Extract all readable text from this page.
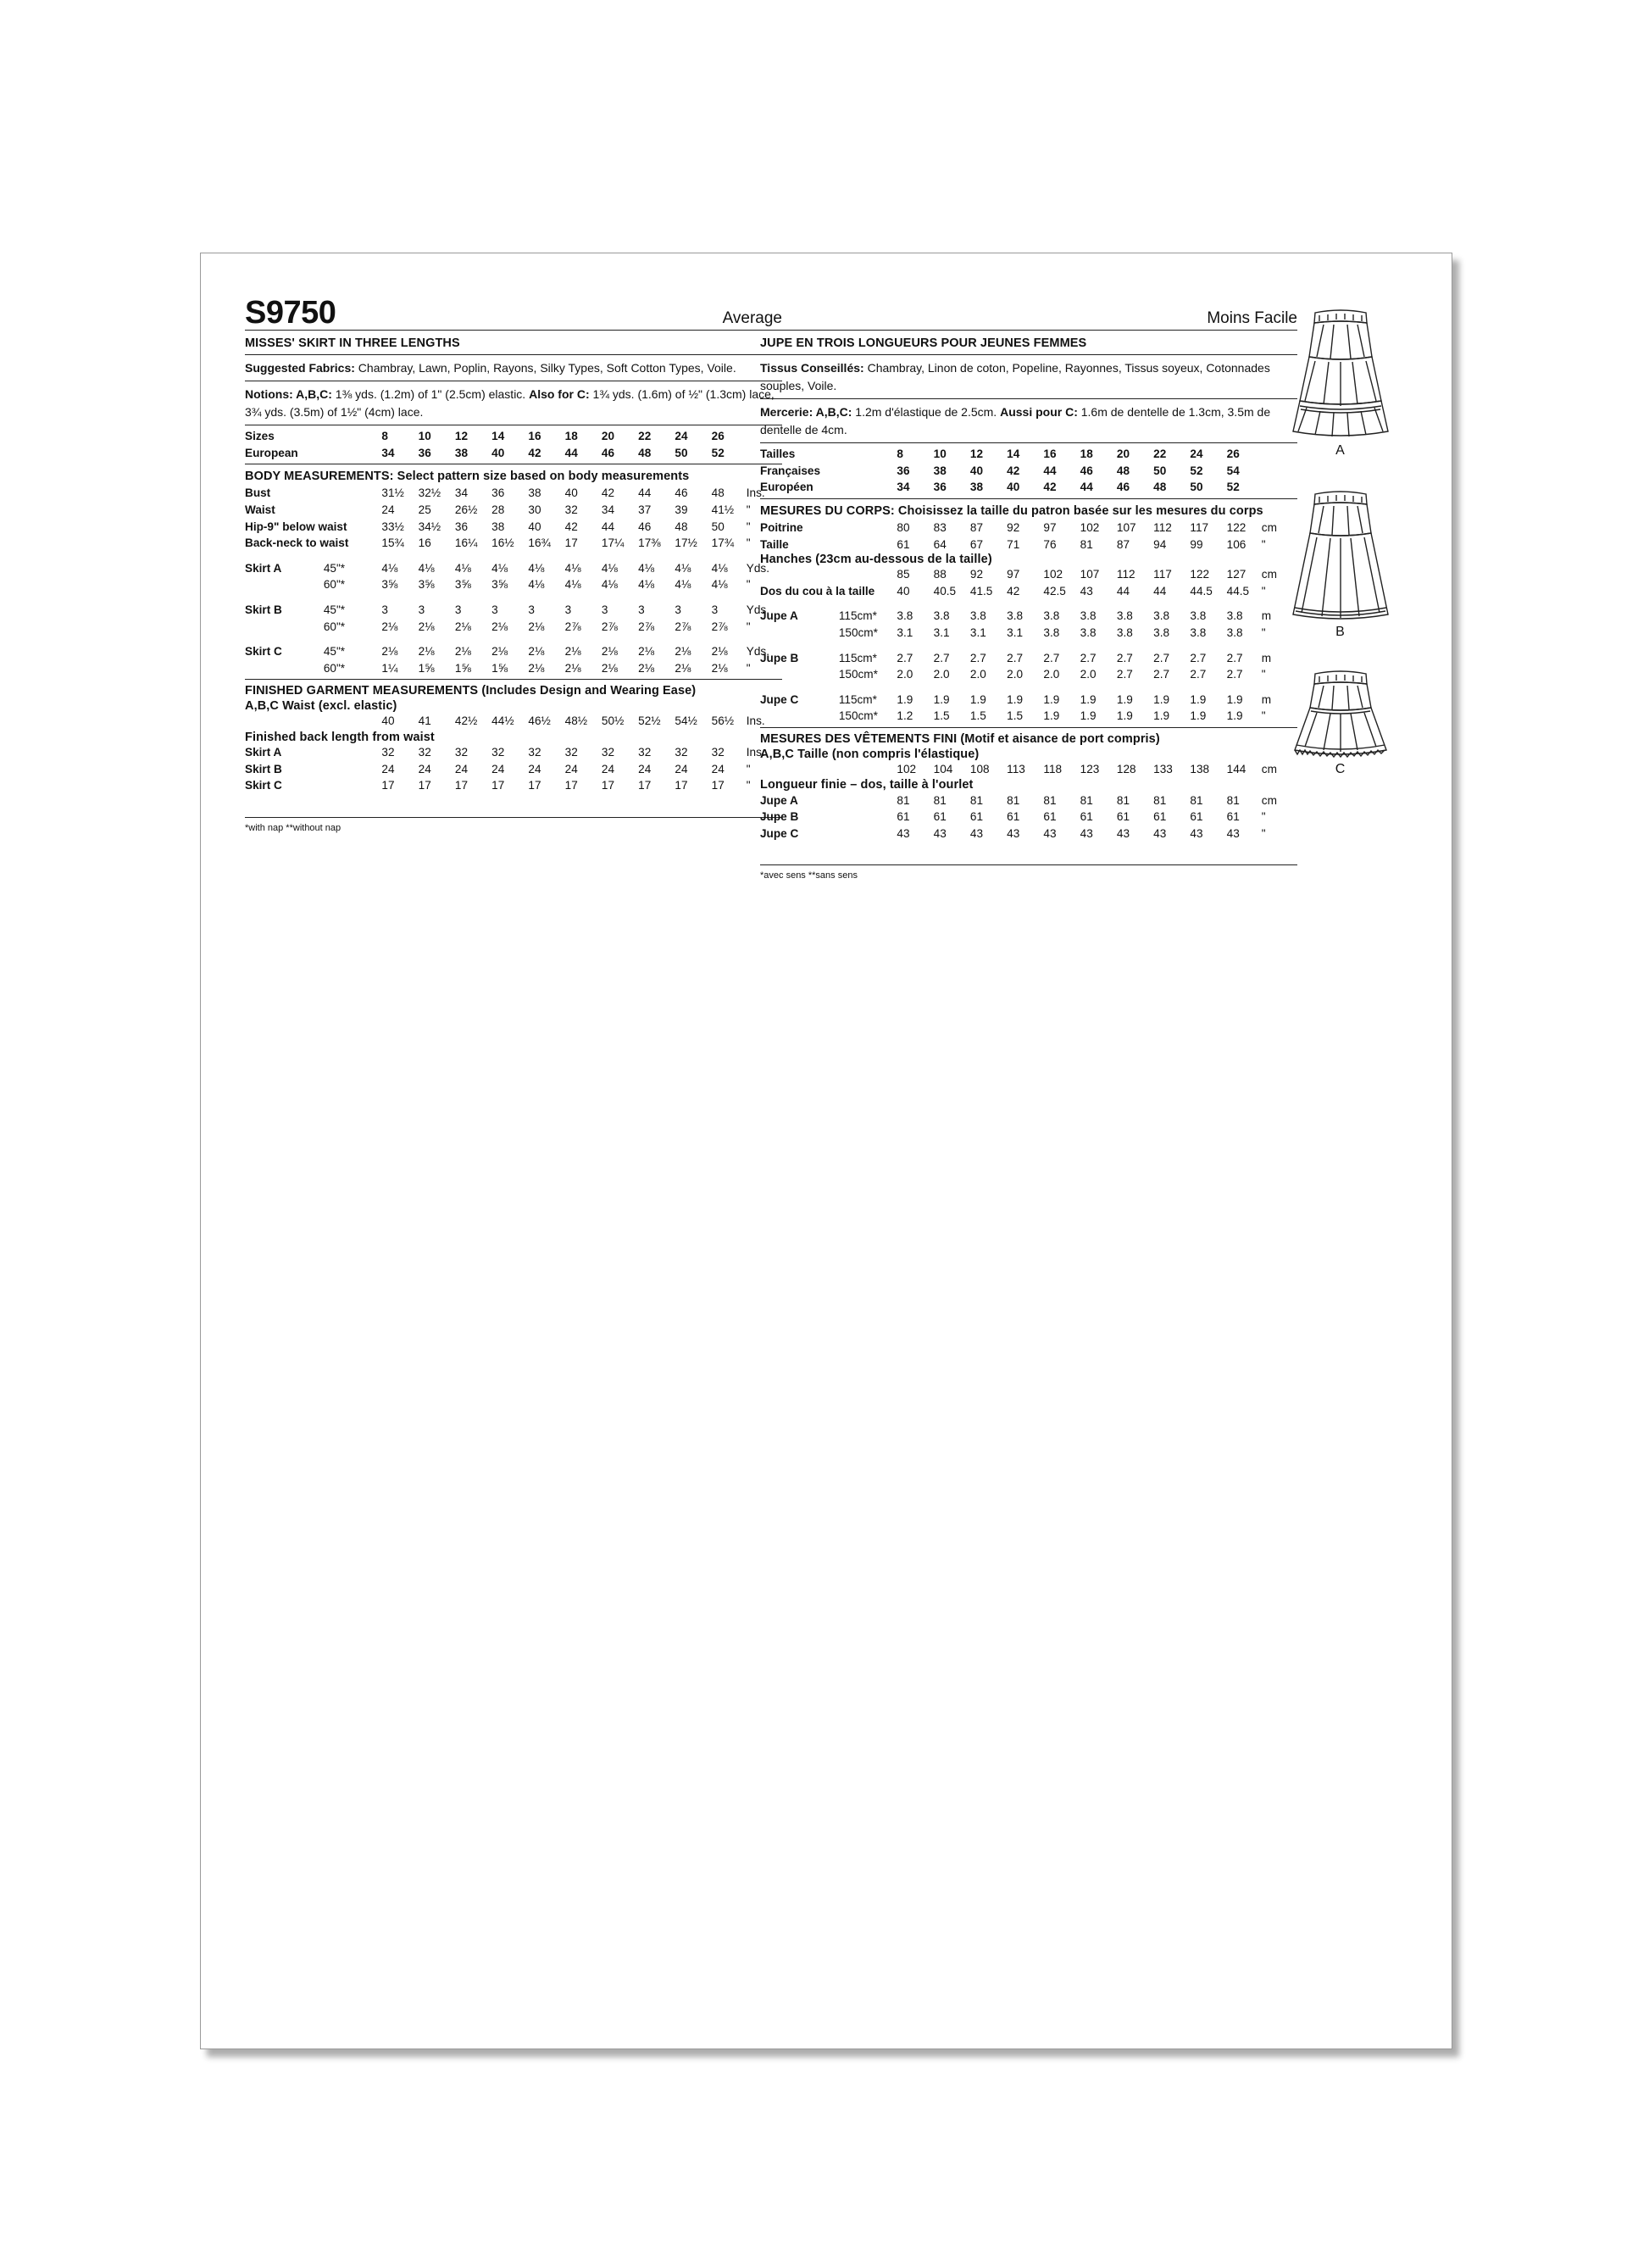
S9750	Average
MISSES' SKIRT IN THREE LENGTHS
Suggested Fabrics: Chambray, Lawn, Poplin, Rayons, Silky Types, Soft Cotton Types, Voile.
Notions: A,B,C: 1⅜ yds. (1.2m) of 1" (2.5cm) elastic. Also for C: 1¾ yds. (1.6m) of ½" (1.3cm) lace, 3¾ yds. (3.5m) of 1½" (4cm) lace.
Sizes		8	10	12	14	16	18	20	22	24	26	
European		34	36	38	40	42	44	46	48	50	52	
BODY MEASUREMENTS: Select pattern size based on body measurements
Bust		31½	32½	34	36	38	40	42	44	46	48	Ins.
Waist		24	25	26½	28	30	32	34	37	39	41½	"
Hip-9" below waist		33½	34½	36	38	40	42	44	46	48	50	"
Back-neck to waist		15¾	16	16¼	16½	16¾	17	17¼	17⅜	17½	17¾	"
Skirt A	45"*	4⅛	4⅛	4⅛	4⅛	4⅛	4⅛	4⅛	4⅛	4⅛	4⅛	Yds.
	60"*	3⅝	3⅝	3⅝	3⅝	4⅛	4⅛	4⅛	4⅛	4⅛	4⅛	"
Skirt B	45"*	3	3	3	3	3	3	3	3	3	3	Yds.
	60"*	2⅛	2⅛	2⅛	2⅛	2⅛	2⅞	2⅞	2⅞	2⅞	2⅞	"
Skirt C	45"*	2⅛	2⅛	2⅛	2⅛	2⅛	2⅛	2⅛	2⅛	2⅛	2⅛	Yds.
	60"*	1¼	1⅝	1⅝	1⅝	2⅛	2⅛	2⅛	2⅛	2⅛	2⅛	"
FINISHED GARMENT MEASUREMENTS (Includes Design and Wearing Ease)
A,B,C Waist (excl. elastic)
		40	41	42½	44½	46½	48½	50½	52½	54½	56½	Ins.
Finished back length from waist
Skirt A		32	32	32	32	32	32	32	32	32	32	Ins.
Skirt B		24	24	24	24	24	24	24	24	24	24	"
Skirt C		17	17	17	17	17	17	17	17	17	17	"
*with nap **without nap
Moins Facile
JUPE EN TROIS LONGUEURS POUR JEUNES FEMMES
Tissus Conseillés: Chambray, Linon de coton, Popeline, Rayonnes, Tissus soyeux, Cotonnades souples, Voile.
Mercerie: A,B,C: 1.2m d'élastique de 2.5cm. Aussi pour C: 1.6m de dentelle de 1.3cm, 3.5m de dentelle de 4cm.
Tailles		8	10	12	14	16	18	20	22	24	26	
Françaises		36	38	40	42	44	46	48	50	52	54	
Européen		34	36	38	40	42	44	46	48	50	52	
MESURES DU CORPS: Choisissez la taille du patron basée sur les mesures du corps
Poitrine		80	83	87	92	97	102	107	112	117	122	cm
Taille		61	64	67	71	76	81	87	94	99	106	"
Hanches (23cm au-dessous de la taille)
		85	88	92	97	102	107	112	117	122	127	cm
Dos du cou à la taille		40	40.5	41.5	42	42.5	43	44	44	44.5	44.5	"
Jupe A	115cm*	3.8	3.8	3.8	3.8	3.8	3.8	3.8	3.8	3.8	3.8	m
	150cm*	3.1	3.1	3.1	3.1	3.8	3.8	3.8	3.8	3.8	3.8	"
Jupe B	115cm*	2.7	2.7	2.7	2.7	2.7	2.7	2.7	2.7	2.7	2.7	m
	150cm*	2.0	2.0	2.0	2.0	2.0	2.0	2.7	2.7	2.7	2.7	"
Jupe C	115cm*	1.9	1.9	1.9	1.9	1.9	1.9	1.9	1.9	1.9	1.9	m
	150cm*	1.2	1.5	1.5	1.5	1.9	1.9	1.9	1.9	1.9	1.9	"
MESURES DES VÊTEMENTS FINI (Motif et aisance de port compris)
A,B,C Taille (non compris l'élastique)
		102	104	108	113	118	123	128	133	138	144	cm
Longueur finie – dos, taille à l'ourlet
Jupe A		81	81	81	81	81	81	81	81	81	81	cm
Jupe B		61	61	61	61	61	61	61	61	61	61	"
Jupe C		43	43	43	43	43	43	43	43	43	43	"
*avec sens **sans sens
A
B
C
